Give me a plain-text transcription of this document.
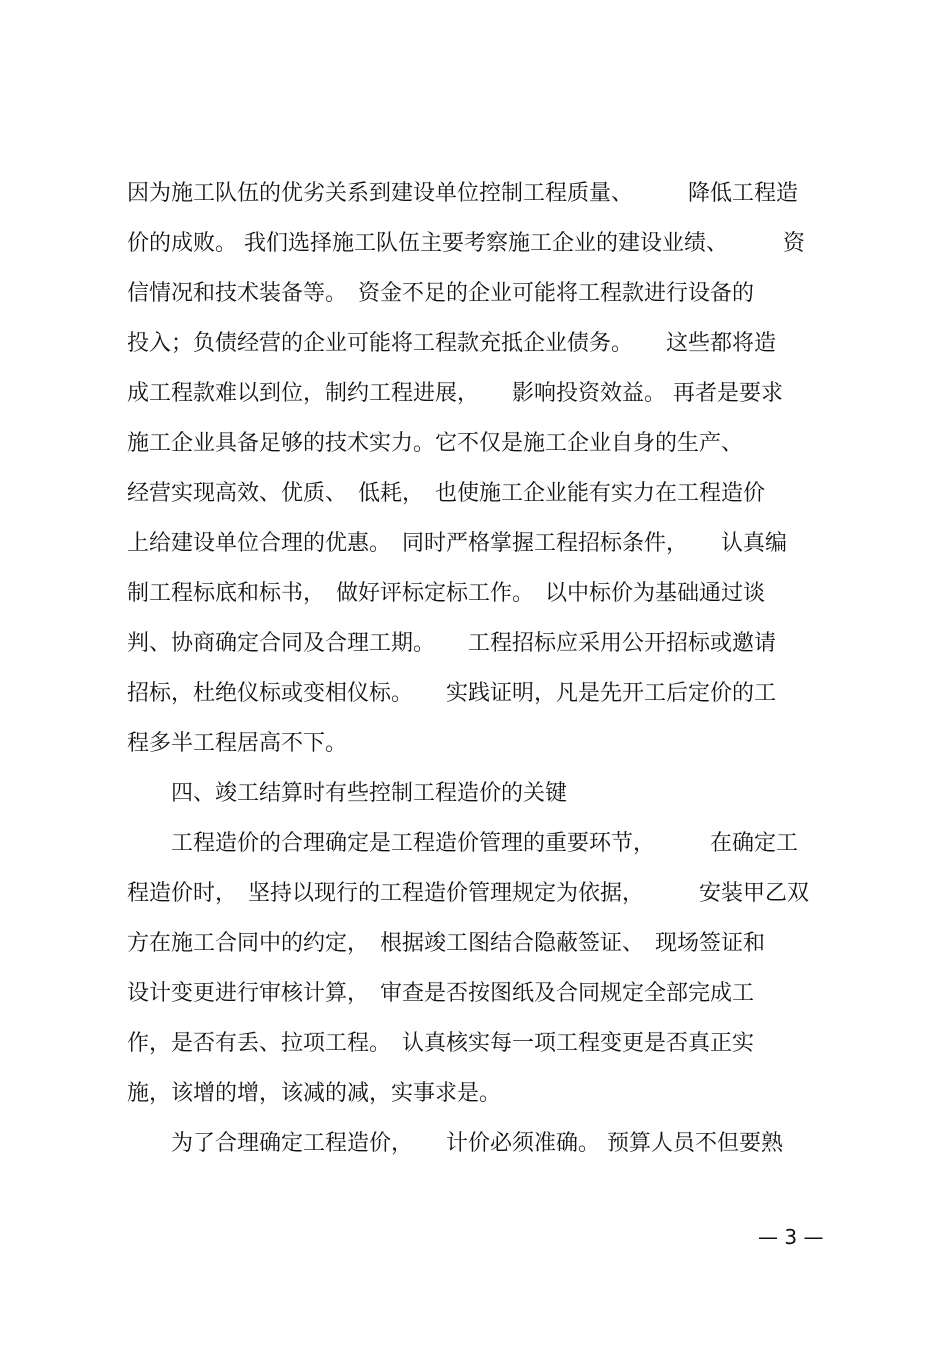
因为施工队伍的优劣关系到建设单位控制工程质量、　　　降低工程造
价的成败。 我们选择施工队伍主要考察施工企业的建设业绩、　　　资
信情况和技术装备等。　资金不足的企业可能将工程款进行设备的
投入；负债经营的企业可能将工程款充抵企业债务。　　这些都将造
成工程款难以到位，制约工程进展，　　影响投资效益。 再者是要求
施工企业具备足够的技术实力。它不仅是施工企业自身的生产、
经营实现高效、优质、　低耗，　也使施工企业能有实力在工程造价
上给建设单位合理的优惠。　同时严格掌握工程招标条件，　　认真编
制工程标底和标书，　做好评标定标工作。　以中标价为基础通过谈
判、协商确定合同及合理工期。　　工程招标应采用公开招标或邀请
招标，杜绝仪标或变相仪标。　　实践证明，凡是先开工后定价的工
程多半工程居高不下。
　　四、竣工结算时有些控制工程造价的关键
　　工程造价的合理确定是工程造价管理的重要环节，　　　在确定工
程造价时，　坚持以现行的工程造价管理规定为依据，　　　安装甲乙双
方在施工合同中的约定，　根据竣工图结合隐蔽签证、　现场签证和
设计变更进行审核计算，　审查是否按图纸及合同规定全部完成工
作，是否有丢、拉项工程。　认真核实每一项工程变更是否真正实
施，该增的增，该减的减，实事求是。
　　为了合理确定工程造价，　　计价必须准确。 预算人员不但要熟
— 3 —
